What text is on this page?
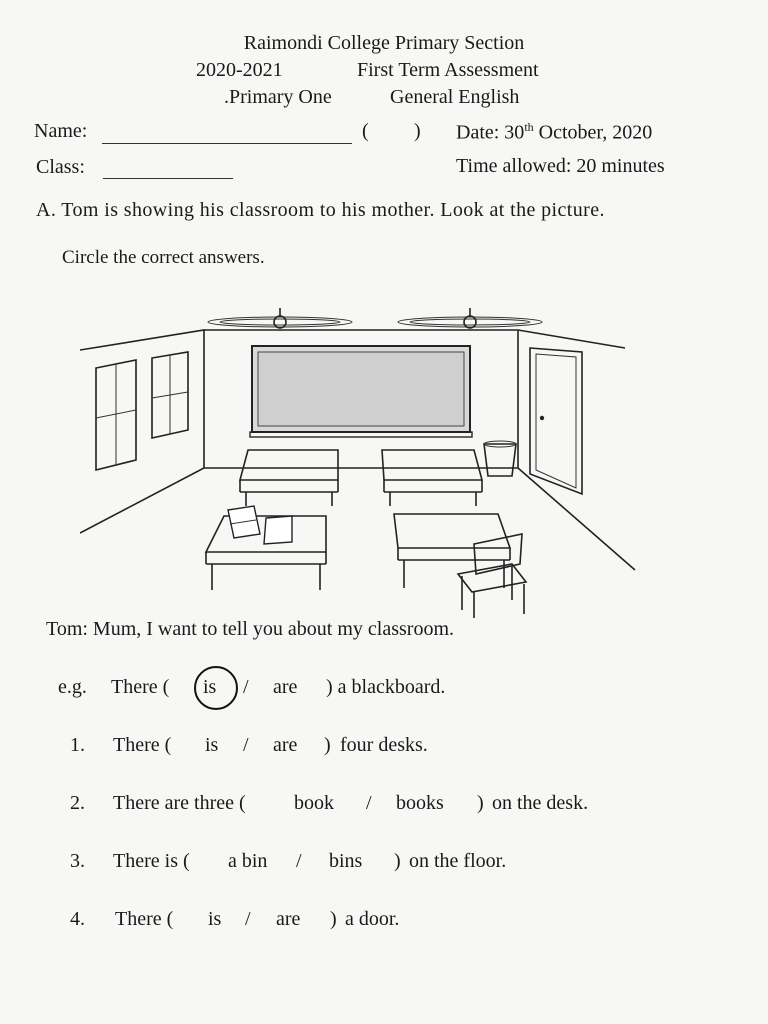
Raimondi College Primary Section
2020-2021	First Term Assessment
.Primary One	General English
Name:	( ) Date: 30th October, 2020
Class:	Time allowed: 20 minutes
A. Tom is showing his classroom to his mother. Look at the picture.
Circle the correct answers.
Tom: Mum, I want to tell you about my classroom.
e.g. There ( is / are ) a blackboard.
1. There ( is / are ) four desks.
2. There are three ( book / books ) on the desk.
3. There is ( a bin / bins ) on the floor.
4. There ( is / are ) a door.
